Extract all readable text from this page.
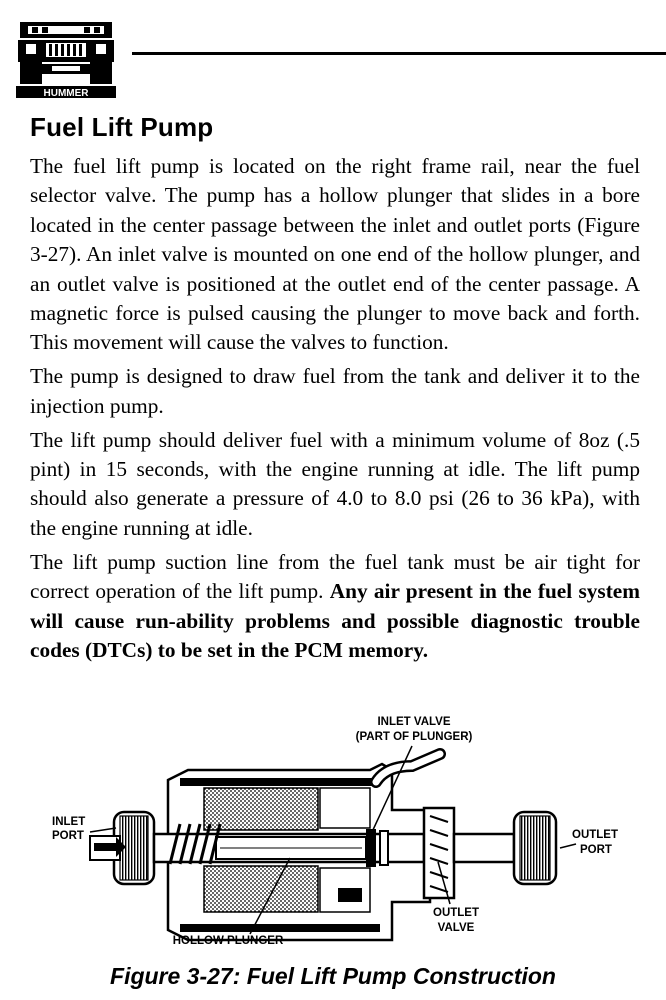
HUMMER
Fuel Lift Pump

The fuel lift pump is located on the right frame rail, near the fuel selector valve. The pump has a hollow plunger that slides in a bore located in the center passage between the inlet and outlet ports (Figure 3-27). An inlet valve is mounted on one end of the hollow plunger, and an outlet valve is positioned at the outlet end of the center passage. A magnetic force is pulsed causing the plunger to move back and forth. This movement will cause the valves to function.

The pump is designed to draw fuel from the tank and deliver it to the injection pump.

The lift pump should deliver fuel with a minimum volume of 8oz (.5 pint) in 15 seconds, with the engine running at idle. The lift pump should also generate a pressure of 4.0 to 8.0 psi (26 to 36 kPa), with the engine running at idle.

The lift pump suction line from the fuel tank must be air tight for correct operation of the lift pump. Any air present in the fuel system will cause run-ability problems and possible diagnostic trouble codes (DTCs) to be set in the PCM memory.

INLET VALVE
(PART OF PLUNGER)
INLET
PORT	OUTLET
PORT
OUTLET
VALVE
HOLLOW PLUNGER
Figure 3-27: Fuel Lift Pump Construction
